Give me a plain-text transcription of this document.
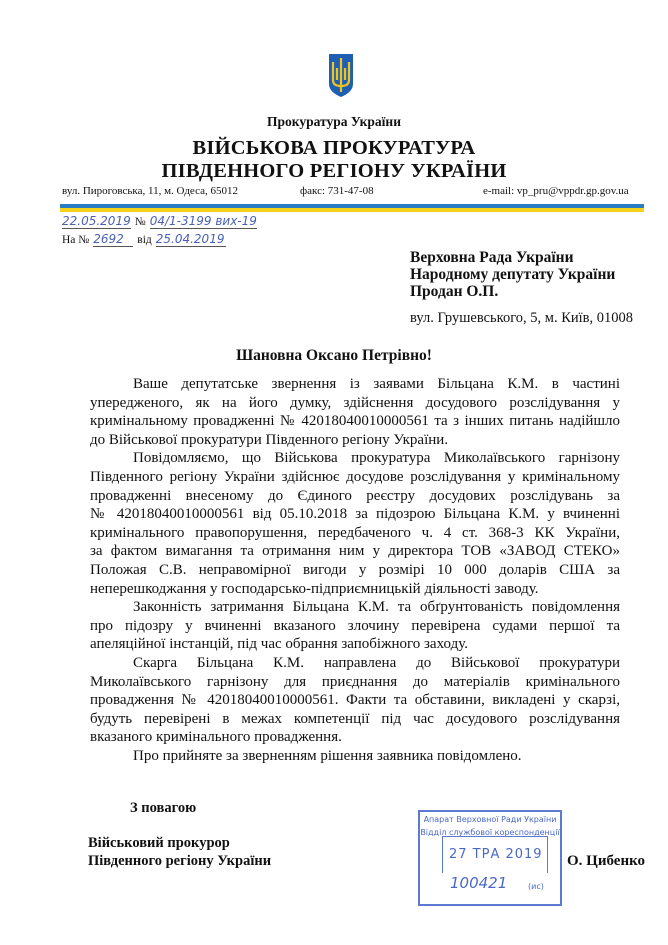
Прокуратура України
ВІЙСЬКОВА ПРОКУРАТУРА
ПІВДЕННОГО РЕГІОНУ УКРАЇНИ
вул. Пироговська, 11, м. Одеса, 65012	факс: 731-47-08	e-mail: vp_pru@vppdr.gp.gov.ua
22.05.2019 № 04/1-3199 вих-19
На № 2692 від 25.04.2019
Верховна Рада України
Народному депутату України
Продан О.П.
вул. Грушевського, 5, м. Київ, 01008
Шановна Оксано Петрівно!
Ваше депутатське звернення із заявами Більцана К.М. в частині
упередженого, як на його думку, здійснення досудового розслідування у
кримінальному провадженні № 42018040010000561 та з інших питань надійшло
до Військової прокуратури Південного регіону України.
Повідомляємо, що Військова прокуратура Миколаївського гарнізону
Південного регіону України здійснює досудове розслідування у кримінальному
провадженні внесеному до Єдиного реєстру досудових розслідувань за
№ 42018040010000561 від 05.10.2018 за підозрою Більцана К.М. у вчиненні
кримінального правопорушення, передбаченого ч. 4 ст. 368-3 КК України,
за фактом вимагання та отримання ним у директора ТОВ «ЗАВОД СТЕКО»
Положая С.В. неправомірної вигоди у розмірі 10 000 доларів США за
неперешкоджання у господарсько-підприємницькій діяльності заводу.
Законність затримання Більцана К.М. та обґрунтованість повідомлення
про підозру у вчиненні вказаного злочину перевірена судами першої та
апеляційної інстанцій, під час обрання запобіжного заходу.
Скарга Більцана К.М. направлена до Військової прокуратури
Миколаївського гарнізону для приєднання до матеріалів кримінального
провадження № 42018040010000561. Факти та обставини, викладені у скарзі,
будуть перевірені в межах компетенції під час досудового розслідування
вказаного кримінального провадження.
Про прийняте за зверненням рішення заявника повідомлено.
З повагою
Військовий прокурор
Південного регіону України	О. Цибенко
Апарат Верховної Ради України
Відділ службової кореспонденції
27 ТРА 2019
100421	(ис)
